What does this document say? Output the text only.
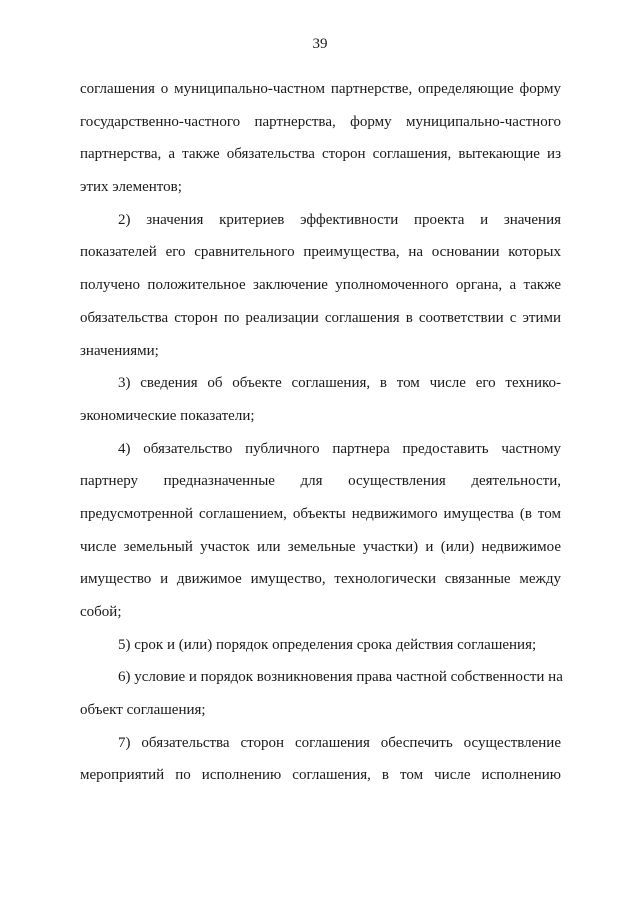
39
соглашения о муниципально-частном партнерстве, определяющие форму
государственно-частного партнерства, форму муниципально-частного
партнерства, а также обязательства сторон соглашения, вытекающие из
этих элементов;
2) значения критериев эффективности проекта и значения
показателей его сравнительного преимущества, на основании которых
получено положительное заключение уполномоченного органа, а также
обязательства сторон по реализации соглашения в соответствии с этими
значениями;
3) сведения об объекте соглашения, в том числе его технико-
экономические показатели;
4) обязательство публичного партнера предоставить частному
партнеру предназначенные для осуществления деятельности,
предусмотренной соглашением, объекты недвижимого имущества (в том
числе земельный участок или земельные участки) и (или) недвижимое
имущество и движимое имущество, технологически связанные между
собой;
5) срок и (или) порядок определения срока действия соглашения;
6) условие и порядок возникновения права частной собственности на
объект соглашения;
7) обязательства сторон соглашения обеспечить осуществление
мероприятий по исполнению соглашения, в том числе исполнению
